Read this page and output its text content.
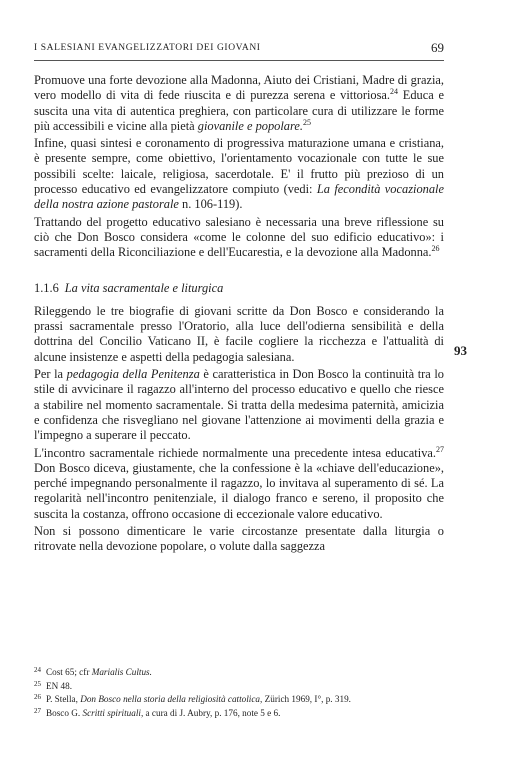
I SALESIANI EVANGELIZZATORI DEI GIOVANI	69

Promuove una forte devozione alla Madonna, Aiuto dei Cristiani, Madre di grazia, vero modello di vita di fede riuscita e di purezza serena e vittoriosa.$^{24}$ Educa e suscita una vita di autentica preghiera, con particolare cura di utilizzare le forme più accessibili e vicine alla pietà giovanile e popolare.$^{25}$

Infine, quasi sintesi e coronamento di progressiva maturazione umana e cristiana, è presente sempre, come obiettivo, l'orientamento vocazionale con tutte le sue possibili scelte: laicale, religiosa, sacerdotale. E' il frutto più prezioso di un processo educativo ed evangelizzatore compiuto (vedi: La fecondità vocazionale della nostra azione pastorale n. 106-119).

Trattando del progetto educativo salesiano è necessaria una breve riflessione su ciò che Don Bosco considera «come le colonne del suo edificio educativo»: i sacramenti della Riconciliazione e dell'Eucarestia, e la devozione alla Madonna.$^{26}$

1.1.6 La vita sacramentale e liturgica

Rileggendo le tre biografie di giovani scritte da Don Bosco e considerando la prassi sacramentale presso l'Oratorio, alla luce dell'odierna sensibilità e della dottrina del Concilio Vaticano II, è facile cogliere la ricchezza e l'attualità di alcune insistenze e aspetti della pedagogia salesiana.

Per la pedagogia della Penitenza è caratteristica in Don Bosco la continuità tra lo stile di avvicinare il ragazzo all'interno del processo educativo e quello che riesce a stabilire nel momento sacramentale. Si tratta della medesima paternità, amicizia e confidenza che risvegliano nel giovane l'attenzione ai movimenti della grazia e l'impegno a superare il peccato.

L'incontro sacramentale richiede normalmente una precedente intesa educativa.$^{27}$ Don Bosco diceva, giustamente, che la confessione è la «chiave dell'educazione», perché impegnando personalmente il ragazzo, lo invitava al superamento di sé. La regolarità nell'incontro penitenziale, il dialogo franco e sereno, il proposito che suscita la costanza, offrono occasione di eccezionale valore educativo.

Non si possono dimenticare le varie circostanze presentate dalla liturgia o ritrovate nella devozione popolare, o volute dalla saggezza

93
$^{24}$ Cost 65; cfr Marialis Cultus.
$^{25}$ EN 48.
$^{26}$ P. Stella, Don Bosco nella storia della religiosità cattolica, Zürich 1969, I°, p. 319.
$^{27}$ Bosco G. Scritti spirituali, a cura di J. Aubry, p. 176, note 5 e 6.
